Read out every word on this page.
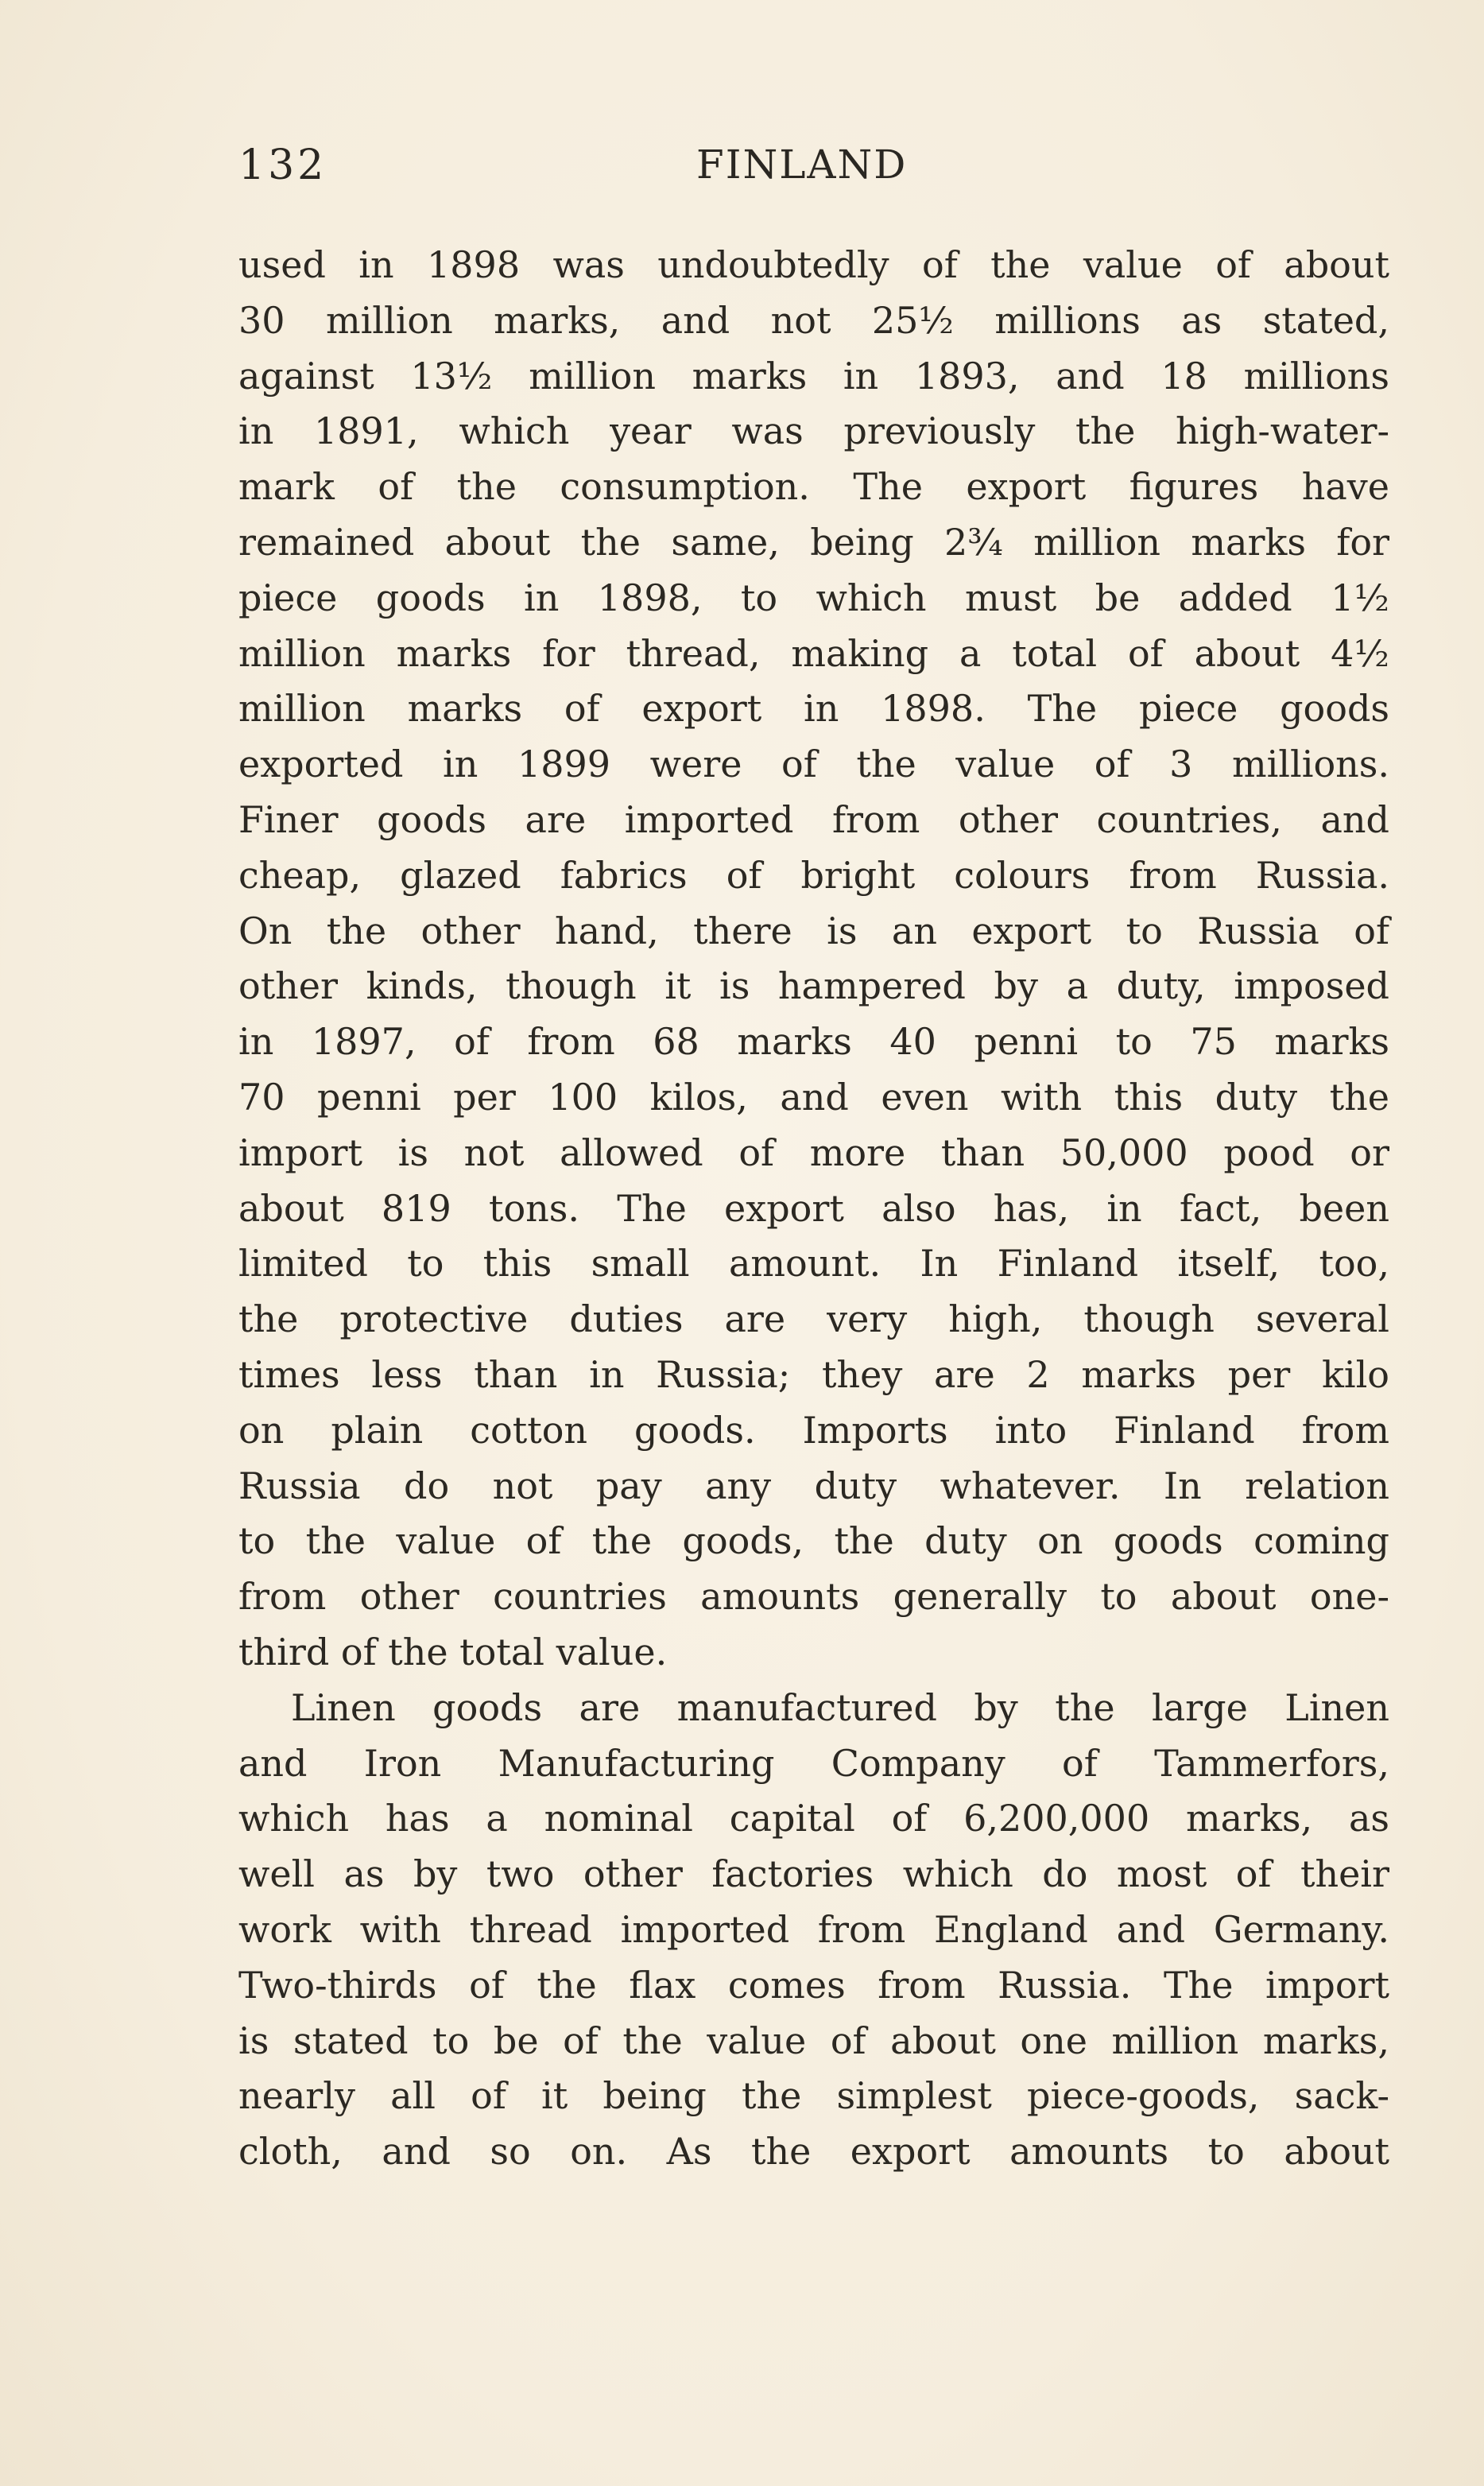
132	FINLAND
used in 1898 was undoubtedly of the value of about
30 million marks, and not 25½ millions as stated,
against 13½ million marks in 1893, and 18 millions
in 1891, which year was previously the high-water-
mark of the consumption. The export figures have
remained about the same, being 2¾ million marks for
piece goods in 1898, to which must be added 1½
million marks for thread, making a total of about 4½
million marks of export in 1898. The piece goods
exported in 1899 were of the value of 3 millions.
Finer goods are imported from other countries, and
cheap, glazed fabrics of bright colours from Russia.
On the other hand, there is an export to Russia of
other kinds, though it is hampered by a duty, imposed
in 1897, of from 68 marks 40 penni to 75 marks
70 penni per 100 kilos, and even with this duty the
import is not allowed of more than 50,000 pood or
about 819 tons. The export also has, in fact, been
limited to this small amount. In Finland itself, too,
the protective duties are very high, though several
times less than in Russia; they are 2 marks per kilo
on plain cotton goods. Imports into Finland from
Russia do not pay any duty whatever. In relation
to the value of the goods, the duty on goods coming
from other countries amounts generally to about one-
third of the total value.
Linen goods are manufactured by the large Linen
and Iron Manufacturing Company of Tammerfors,
which has a nominal capital of 6,200,000 marks, as
well as by two other factories which do most of their
work with thread imported from England and Germany.
Two-thirds of the flax comes from Russia. The import
is stated to be of the value of about one million marks,
nearly all of it being the simplest piece-goods, sack-
cloth, and so on. As the export amounts to about
